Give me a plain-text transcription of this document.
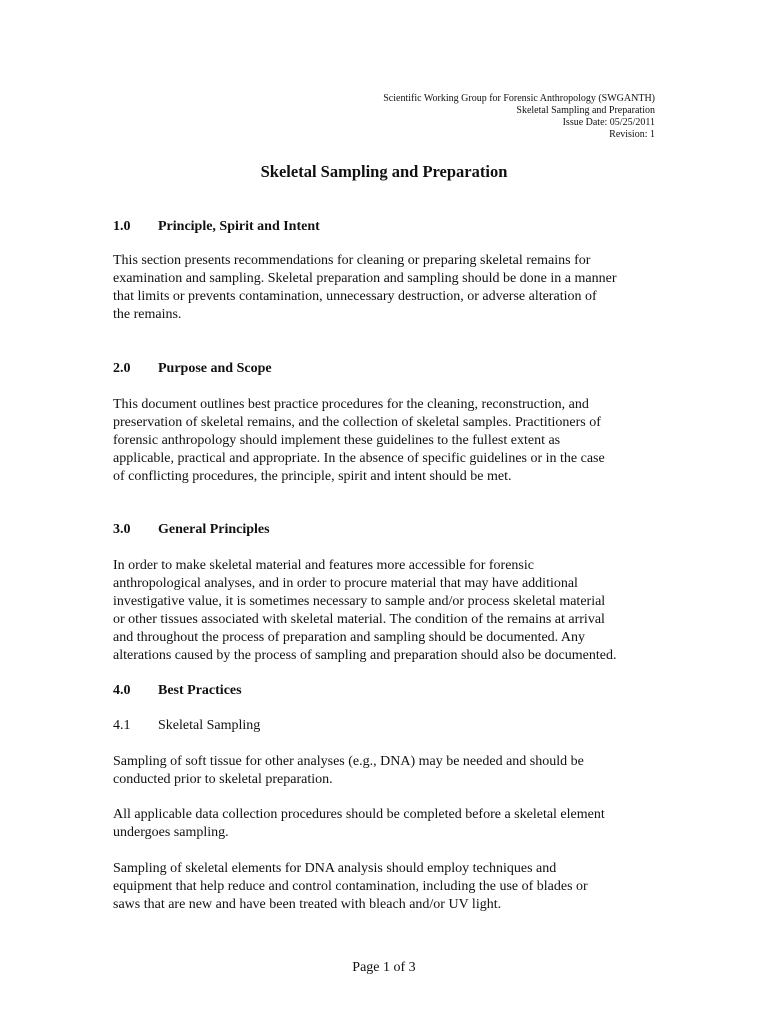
Scientific Working Group for Forensic Anthropology (SWGANTH)
Skeletal Sampling and Preparation
Issue Date: 05/25/2011
Revision: 1
Skeletal Sampling and Preparation
1.0 Principle, Spirit and Intent
This section presents recommendations for cleaning or preparing skeletal remains for
examination and sampling. Skeletal preparation and sampling should be done in a manner
that limits or prevents contamination, unnecessary destruction, or adverse alteration of
the remains.
2.0 Purpose and Scope
This document outlines best practice procedures for the cleaning, reconstruction, and
preservation of skeletal remains, and the collection of skeletal samples. Practitioners of
forensic anthropology should implement these guidelines to the fullest extent as
applicable, practical and appropriate. In the absence of specific guidelines or in the case
of conflicting procedures, the principle, spirit and intent should be met.
3.0 General Principles
In order to make skeletal material and features more accessible for forensic
anthropological analyses, and in order to procure material that may have additional
investigative value, it is sometimes necessary to sample and/or process skeletal material
or other tissues associated with skeletal material. The condition of the remains at arrival
and throughout the process of preparation and sampling should be documented. Any
alterations caused by the process of sampling and preparation should also be documented.
4.0 Best Practices
4.1 Skeletal Sampling
Sampling of soft tissue for other analyses (e.g., DNA) may be needed and should be
conducted prior to skeletal preparation.
All applicable data collection procedures should be completed before a skeletal element
undergoes sampling.
Sampling of skeletal elements for DNA analysis should employ techniques and
equipment that help reduce and control contamination, including the use of blades or
saws that are new and have been treated with bleach and/or UV light.
Page 1 of 3
